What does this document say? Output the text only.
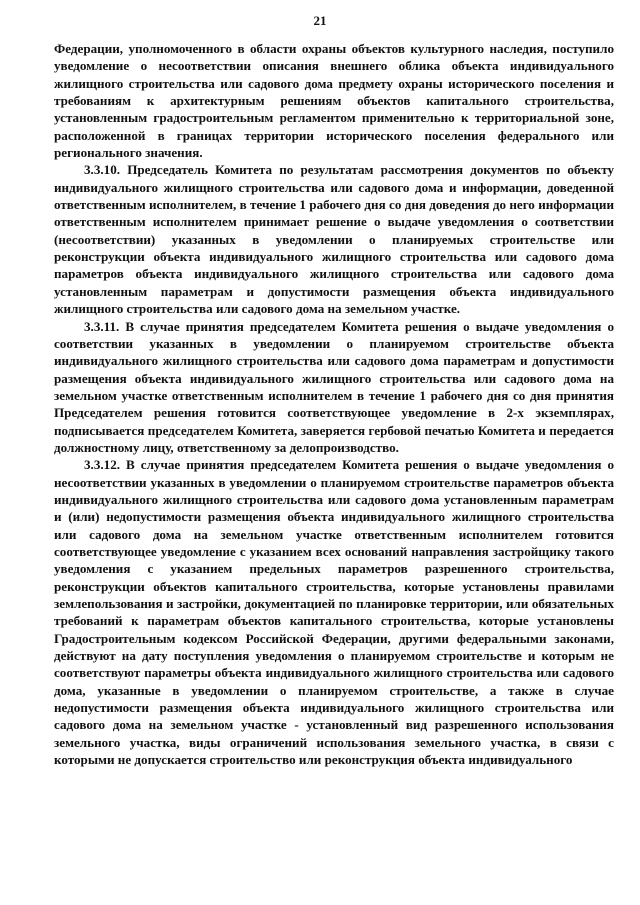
21

Федерации, уполномоченного в области охраны объектов культурного наследия, поступило уведомление о несоответствии описания внешнего облика объекта индивидуального жилищного строительства или садового дома предмету охраны исторического поселения и требованиям к архитектурным решениям объектов капитального строительства, установленным градостроительным регламентом применительно к территориальной зоне, расположенной в границах территории исторического поселения федерального или регионального значения.

3.3.10. Председатель Комитета по результатам рассмотрения документов по объекту индивидуального жилищного строительства или садового дома и информации, доведенной ответственным исполнителем, в течение 1 рабочего дня со дня доведения до него информации ответственным исполнителем принимает решение о выдаче уведомления о соответствии (несоответствии) указанных в уведомлении о планируемых строительстве или реконструкции объекта индивидуального жилищного строительства или садового дома параметров объекта индивидуального жилищного строительства или садового дома установленным параметрам и допустимости размещения объекта индивидуального жилищного строительства или садового дома на земельном участке.

3.3.11. В случае принятия председателем Комитета решения о выдаче уведомления о соответствии указанных в уведомлении о планируемом строительстве объекта индивидуального жилищного строительства или садового дома параметрам и допустимости размещения объекта индивидуального жилищного строительства или садового дома на земельном участке ответственным исполнителем в течение 1 рабочего дня со дня принятия Председателем решения готовится соответствующее уведомление в 2-х экземплярах, подписывается председателем Комитета, заверяется гербовой печатью Комитета и передается должностному лицу, ответственному за делопроизводство.

3.3.12. В случае принятия председателем Комитета решения о выдаче уведомления о несоответствии указанных в уведомлении о планируемом строительстве параметров объекта индивидуального жилищного строительства или садового дома установленным параметрам и (или) недопустимости размещения объекта индивидуального жилищного строительства или садового дома на земельном участке ответственным исполнителем готовится соответствующее уведомление с указанием всех оснований направления застройщику такого уведомления с указанием предельных параметров разрешенного строительства, реконструкции объектов капитального строительства, которые установлены правилами землепользования и застройки, документацией по планировке территории, или обязательных требований к параметрам объектов капитального строительства, которые установлены Градостроительным кодексом Российской Федерации, другими федеральными законами, действуют на дату поступления уведомления о планируемом строительстве и которым не соответствуют параметры объекта индивидуального жилищного строительства или садового дома, указанные в уведомлении о планируемом строительстве, а также в случае недопустимости размещения объекта индивидуального жилищного строительства или садового дома на земельном участке - установленный вид разрешенного использования земельного участка, виды ограничений использования земельного участка, в связи с которыми не допускается строительство или реконструкция объекта индивидуального
